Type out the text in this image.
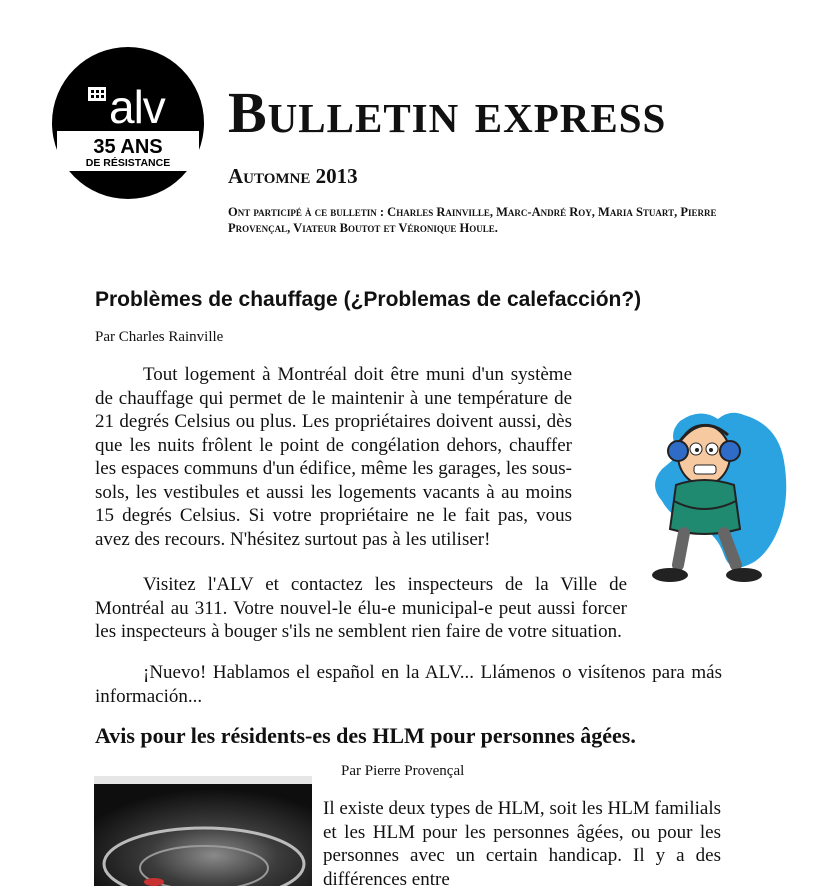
alv
35 ANS
DE RÉSISTANCE
Bulletin express
Automne 2013

Ont participé à ce bulletin : Charles Rainville, Marc-André Roy, Maria Stuart, Pierre Provençal, Viateur Boutot et Véronique Houle.

Problèmes de chauffage (¿Problemas de calefacción?)

Par Charles Rainville

Tout logement à Montréal doit être muni d'un système de chauffage qui permet de le maintenir à une température de 21 degrés Celsius ou plus. Les propriétaires doivent aussi, dès que les nuits frôlent le point de congélation dehors, chauffer les espaces communs d'un édifice, même les garages, les sous-sols, les vestibules et aussi les logements vacants à au moins 15 degrés Celsius. Si votre propriétaire ne le fait pas, vous avez des recours. N'hésitez surtout pas à les utiliser!
Visitez l'ALV et contactez les inspecteurs de la Ville de Montréal au 311. Votre nouvel-le élu-e municipal-e peut aussi forcer les inspecteurs à bouger s'ils ne semblent rien faire de votre situation.

¡Nuevo! Hablamos el español en la ALV... Llámenos o visítenos para más información...

Avis pour les résidents-es des HLM pour personnes âgées.

Par Pierre Provençal

Il existe deux types de HLM, soit les HLM familials et les HLM pour les personnes âgées, ou pour les personnes avec un certain handicap. Il y a des différences entre
